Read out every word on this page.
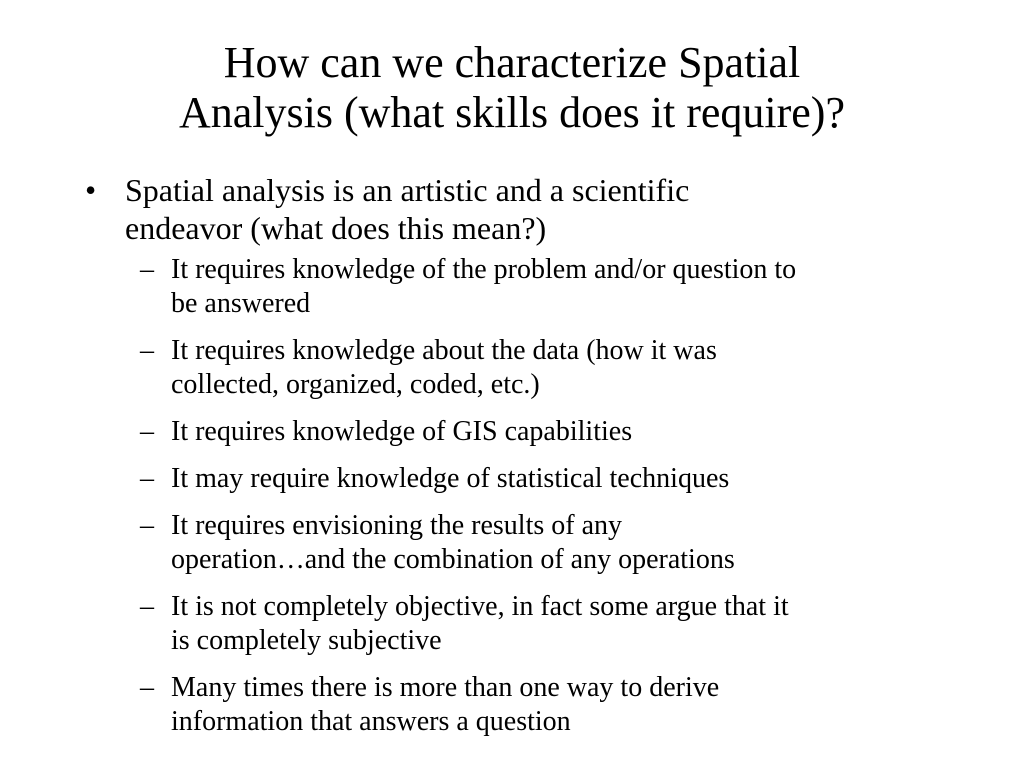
How can we characterize Spatial
Analysis (what skills does it require)?
• Spatial analysis is an artistic and a scientific
endeavor (what does this mean?)
– It requires knowledge of the problem and/or question to
be answered
– It requires knowledge about the data (how it was
collected, organized, coded, etc.)
– It requires knowledge of GIS capabilities
– It may require knowledge of statistical techniques
– It requires envisioning the results of any
operation…and the combination of any operations
– It is not completely objective, in fact some argue that it
is completely subjective
– Many times there is more than one way to derive
information that answers a question
